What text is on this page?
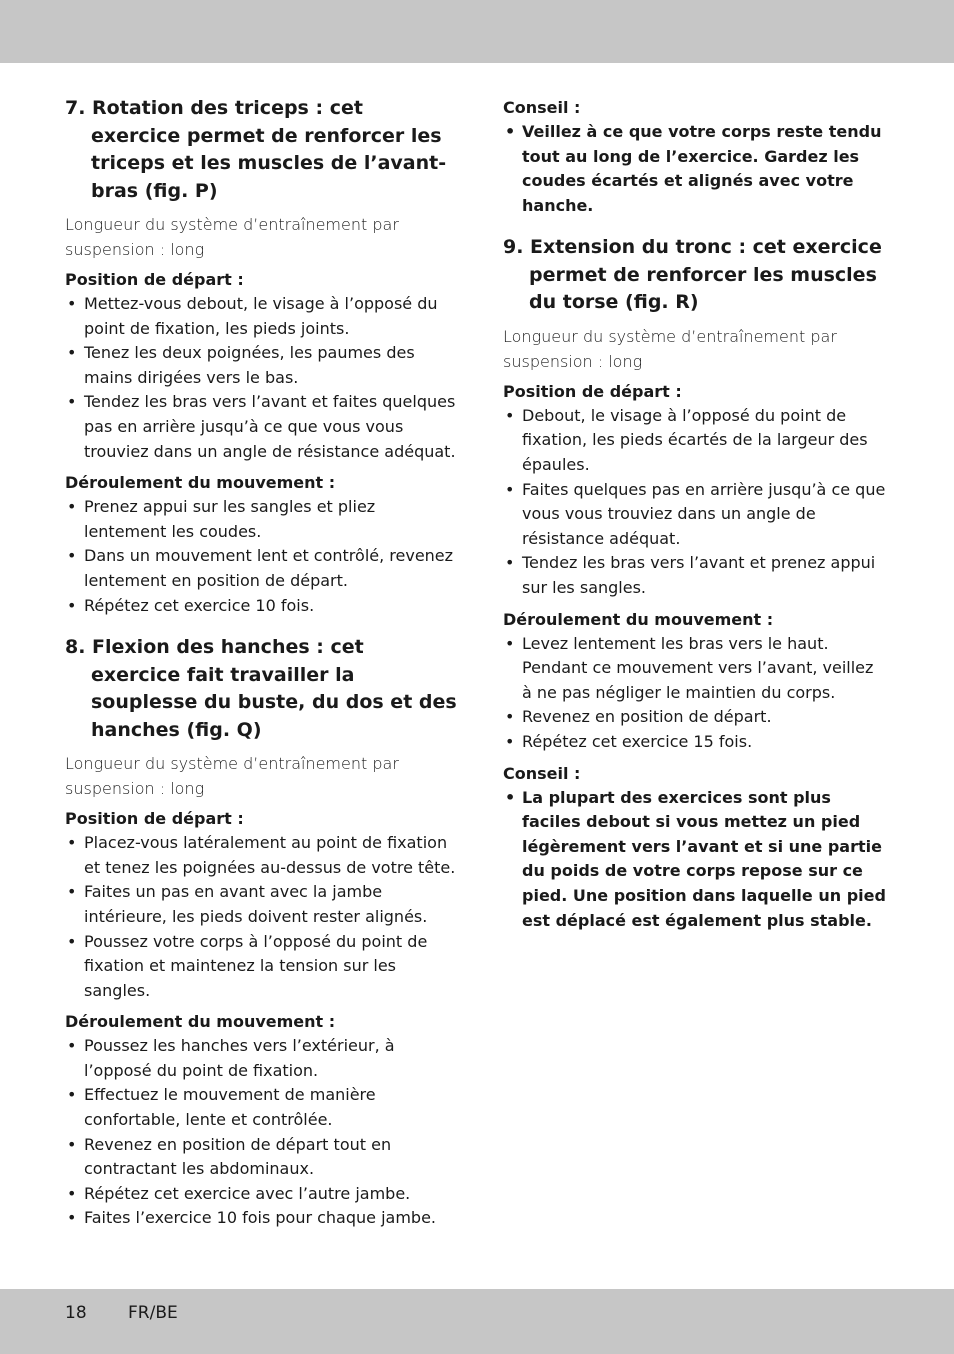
7. Rotation des triceps : cet exercice permet de renforcer les triceps et les muscles de l’avant-bras (fig. P)

Longueur du système d’entraînement par suspension : long

Position de départ :

• Mettez-vous debout, le visage à l’opposé du point de fixation, les pieds joints.
• Tenez les deux poignées, les paumes des mains dirigées vers le bas.
• Tendez les bras vers l’avant et faites quelques pas en arrière jusqu’à ce que vous vous trouviez dans un angle de résistance adéquat.

Déroulement du mouvement :

• Prenez appui sur les sangles et pliez lentement les coudes.
• Dans un mouvement lent et contrôlé, revenez lentement en position de départ.
• Répétez cet exercice 10 fois.
8. Flexion des hanches : cet exercice fait travailler la souplesse du buste, du dos et des hanches (fig. Q)

Longueur du système d’entraînement par suspension : long

Position de départ :

• Placez-vous latéralement au point de fixation et tenez les poignées au-dessus de votre tête.
• Faites un pas en avant avec la jambe intérieure, les pieds doivent rester alignés.
• Poussez votre corps à l’opposé du point de fixation et maintenez la tension sur les sangles.

Déroulement du mouvement :

• Poussez les hanches vers l’extérieur, à l’opposé du point de fixation.
• Effectuez le mouvement de manière confortable, lente et contrôlée.
• Revenez en position de départ tout en contractant les abdominaux.
• Répétez cet exercice avec l’autre jambe.
• Faites l’exercice 10 fois pour chaque jambe.

Conseil :

• Veillez à ce que votre corps reste tendu tout au long de l’exercice. Gardez les coudes écartés et alignés avec votre hanche.
9. Extension du tronc : cet exercice permet de renforcer les muscles du torse (fig. R)

Longueur du système d’entraînement par suspension : long

Position de départ :

• Debout, le visage à l’opposé du point de fixation, les pieds écartés de la largeur des épaules.
• Faites quelques pas en arrière jusqu’à ce que vous vous trouviez dans un angle de résistance adéquat.
• Tendez les bras vers l’avant et prenez appui sur les sangles.

Déroulement du mouvement :

• Levez lentement les bras vers le haut. Pendant ce mouvement vers l’avant, veillez à ne pas négliger le maintien du corps.
• Revenez en position de départ.
• Répétez cet exercice 15 fois.

Conseil :

• La plupart des exercices sont plus faciles debout si vous mettez un pied légèrement vers l’avant et si une partie du poids de votre corps repose sur ce pied. Une position dans laquelle un pied est déplacé est également plus stable.
18 FR/BE
